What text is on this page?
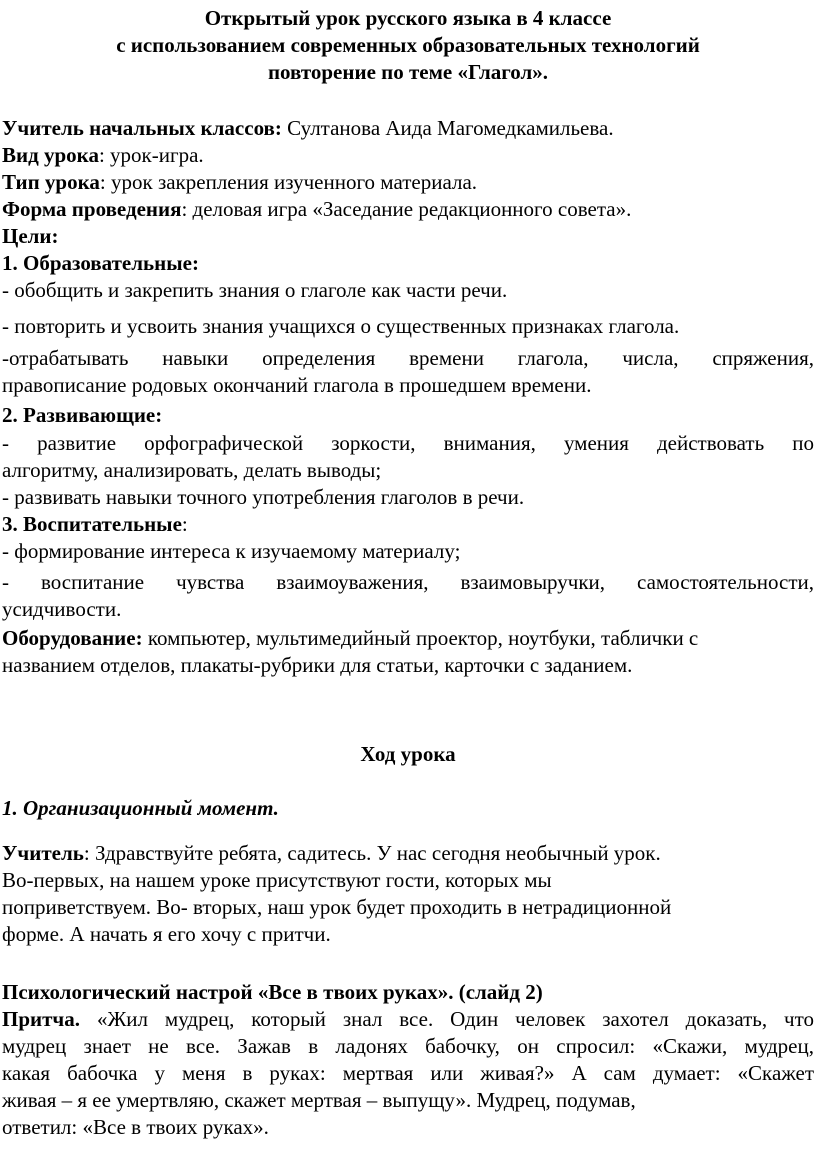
Открытый урок русского языка в 4 классе
с использованием современных образовательных технологий
повторение по теме «Глагол».
Учитель начальных классов: Султанова Аида Магомедкамильева.
Вид урока: урок-игра.
Тип урока: урок закрепления изученного материала.
Форма проведения: деловая игра «Заседание редакционного совета».
Цели:
1. Образовательные:
- обобщить и закрепить знания о глаголе как части речи.
- повторить и усвоить знания учащихся о существенных признаках глагола.
-отрабатывать навыки определения времени глагола, числа, спряжения,
правописание родовых окончаний глагола в прошедшем времени.
2. Развивающие:
- развитие орфографической зоркости, внимания, умения действовать по
алгоритму, анализировать, делать выводы;
- развивать навыки точного употребления глаголов в речи.
3. Воспитательные:
- формирование интереса к изучаемому материалу;
- воспитание чувства взаимоуважения, взаимовыручки, самостоятельности,
усидчивости.
Оборудование: компьютер, мультимедийный проектор, ноутбуки, таблички с
названием отделов, плакаты-рубрики для статьи, карточки с заданием.
Ход урока
1. Организационный момент.
Учитель: Здравствуйте ребята, садитесь. У нас сегодня необычный урок.
Во-первых, на нашем уроке присутствуют гости, которых мы
поприветствуем. Во- вторых, наш урок будет проходить в нетрадиционной
форме. А начать я его хочу с притчи.
Психологический настрой «Все в твоих руках». (слайд 2)
Притча. «Жил мудрец, который знал все. Один человек захотел доказать, что
мудрец знает не все. Зажав в ладонях бабочку, он спросил: «Скажи, мудрец,
какая бабочка у меня в руках: мертвая или живая?» А сам думает: «Скажет
живая – я ее умертвляю, скажет мертвая – выпущу». Мудрец, подумав,
ответил: «Все в твоих руках».
